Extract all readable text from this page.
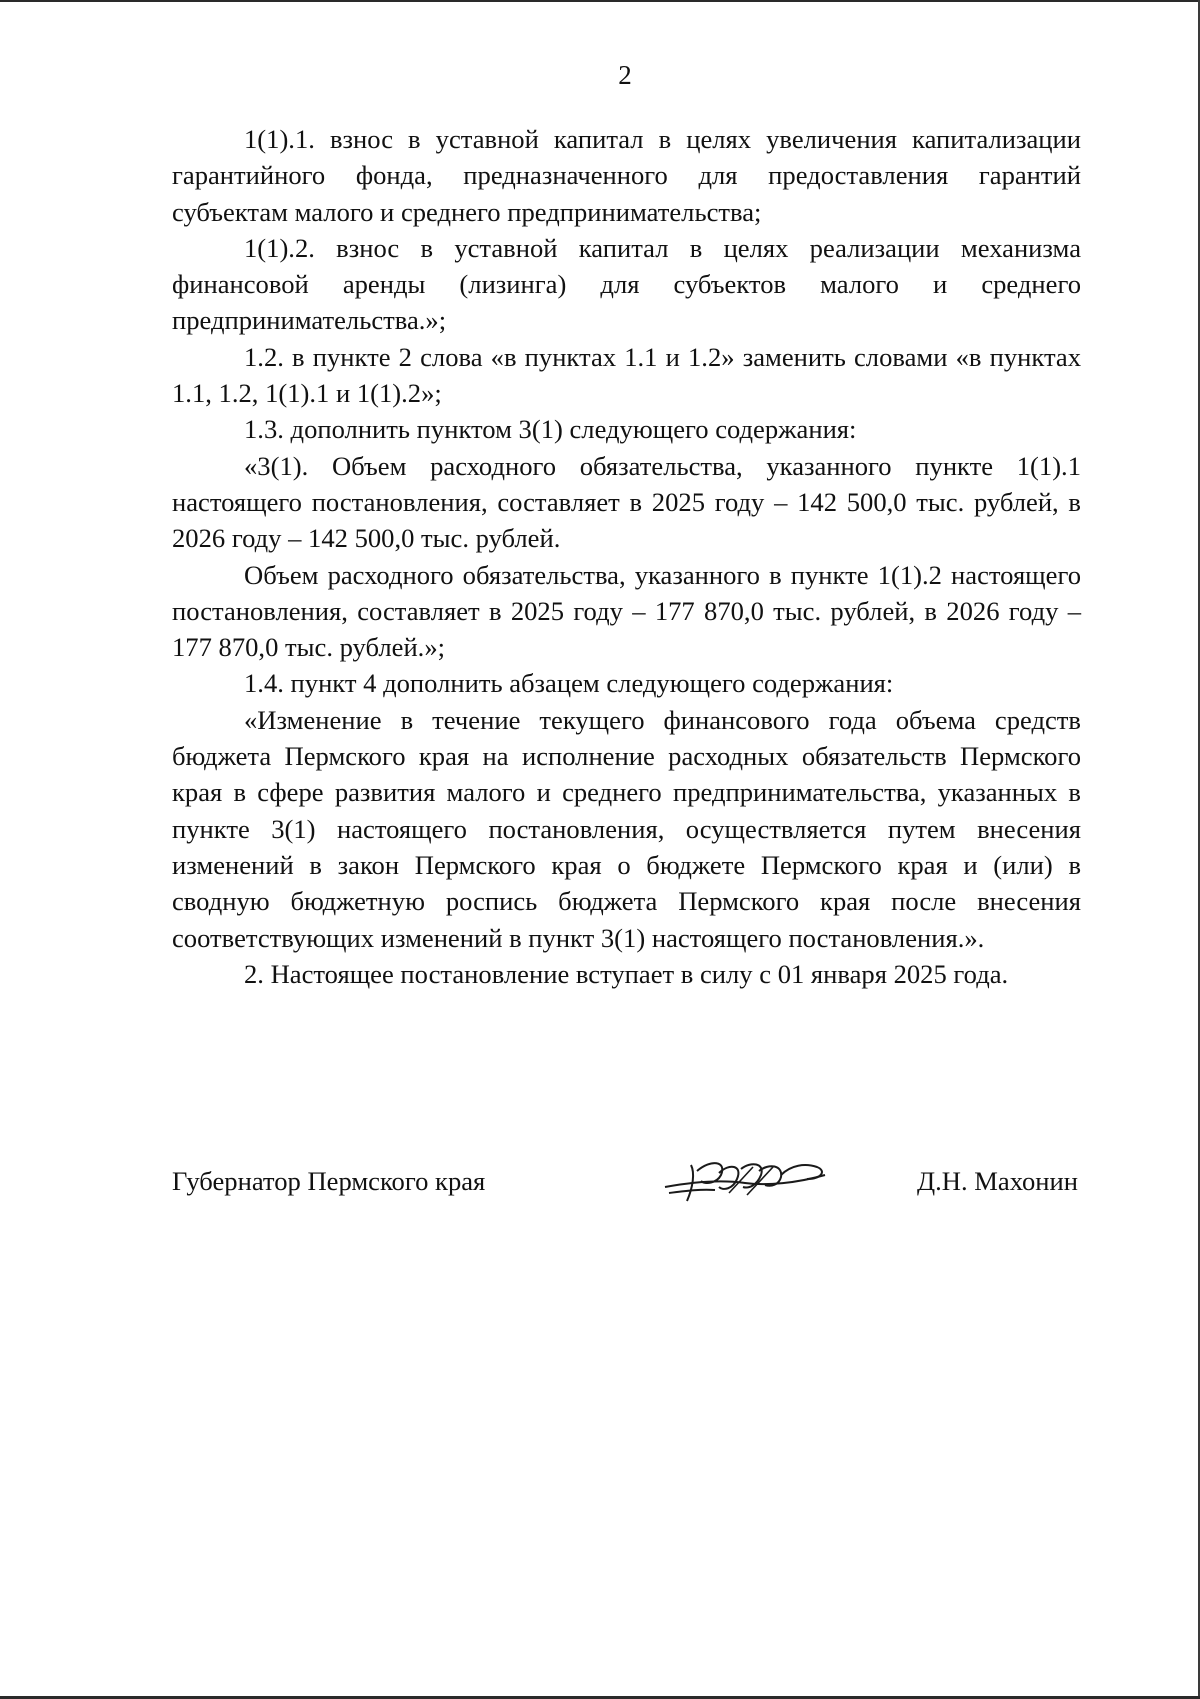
2

1(1).1. взнос в уставной капитал в целях увеличения капитализации гарантийного фонда, предназначенного для предоставления гарантий субъектам малого и среднего предпринимательства;

1(1).2. взнос в уставной капитал в целях реализации механизма финансовой аренды (лизинга) для субъектов малого и среднего предпринимательства.»;

1.2. в пункте 2 слова «в пунктах 1.1 и 1.2» заменить словами «в пунктах 1.1, 1.2, 1(1).1 и 1(1).2»;

1.3. дополнить пунктом 3(1) следующего содержания:

«3(1). Объем расходного обязательства, указанного пункте 1(1).1 настоящего постановления, составляет в 2025 году – 142 500,0 тыс. рублей, в 2026 году – 142 500,0 тыс. рублей.

Объем расходного обязательства, указанного в пункте 1(1).2 настоящего постановления, составляет в 2025 году – 177 870,0 тыс. рублей, в 2026 году – 177 870,0 тыс. рублей.»;

1.4. пункт 4 дополнить абзацем следующего содержания:

«Изменение в течение текущего финансового года объема средств бюджета Пермского края на исполнение расходных обязательств Пермского края в сфере развития малого и среднего предпринимательства, указанных в пункте 3(1) настоящего постановления, осуществляется путем внесения изменений в закон Пермского края о бюджете Пермского края и (или) в сводную бюджетную роспись бюджета Пермского края после внесения соответствующих изменений в пункт 3(1) настоящего постановления.».

2. Настоящее постановление вступает в силу с 01 января 2025 года.

Губернатор Пермского края	Д.Н. Махонин
